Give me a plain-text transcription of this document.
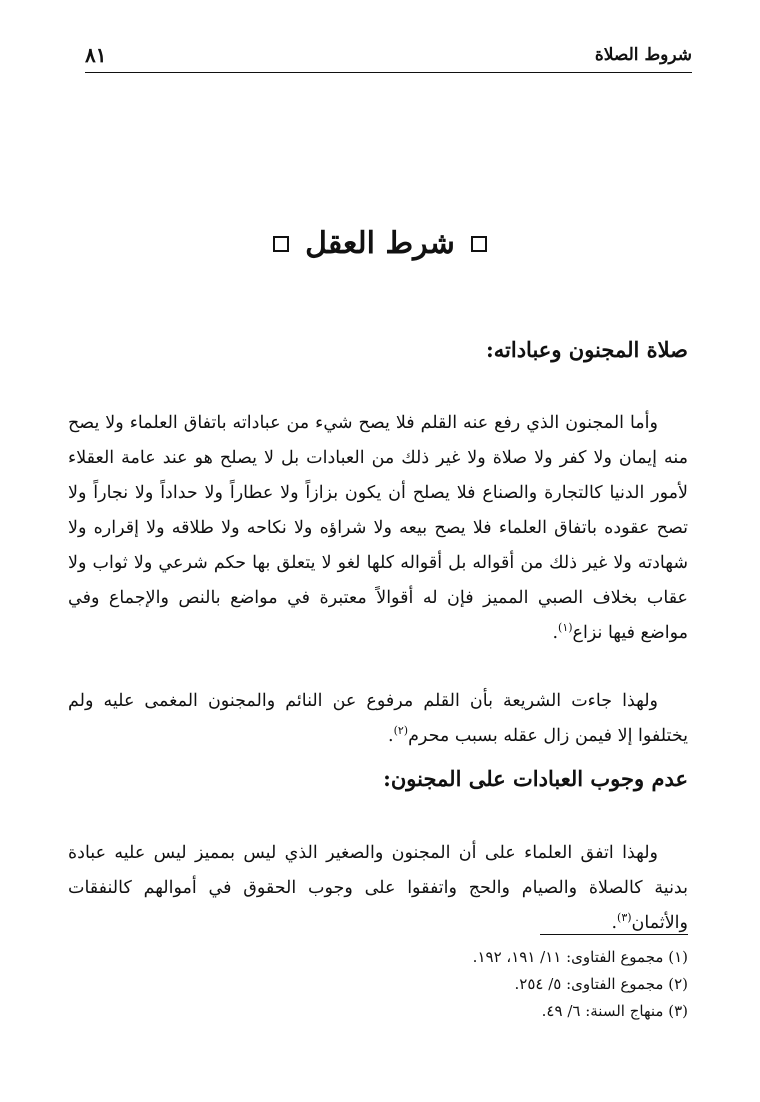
شروط الصلاة
٨١
شرط العقل
صلاة المجنون وعباداته:

وأما المجنون الذي رفع عنه القلم فلا يصح شيء من عباداته باتفاق العلماء ولا يصح منه إيمان ولا كفر ولا صلاة ولا غير ذلك من العبادات بل لا يصلح هو عند عامة العقلاء لأمور الدنيا كالتجارة والصناع فلا يصلح أن يكون بزازاً ولا عطاراً ولا حداداً ولا نجاراً ولا تصح عقوده باتفاق العلماء فلا يصح بيعه ولا شراؤه ولا نكاحه ولا طلاقه ولا إقراره ولا شهادته ولا غير ذلك من أقواله بل أقواله كلها لغو لا يتعلق بها حكم شرعي ولا ثواب ولا عقاب بخلاف الصبي المميز فإن له أقوالاً معتبرة في مواضع بالنص والإجماع وفي مواضع فيها نزاع$^{(١)}$.

ولهذا جاءت الشريعة بأن القلم مرفوع عن النائم والمجنون المغمى عليه ولم يختلفوا إلا فيمن زال عقله بسبب محرم$^{(٢)}$.

عدم وجوب العبادات على المجنون:

ولهذا اتفق العلماء على أن المجنون والصغير الذي ليس بمميز ليس عليه عبادة بدنية كالصلاة والصيام والحج واتفقوا على وجوب الحقوق في أموالهم كالنفقات والأثمان$^{(٣)}$.

(١) مجموع الفتاوى: ١١/ ١٩١، ١٩٢.
(٢) مجموع الفتاوى: ٥/ ٢٥٤.
(٣) منهاج السنة: ٦/ ٤٩.
